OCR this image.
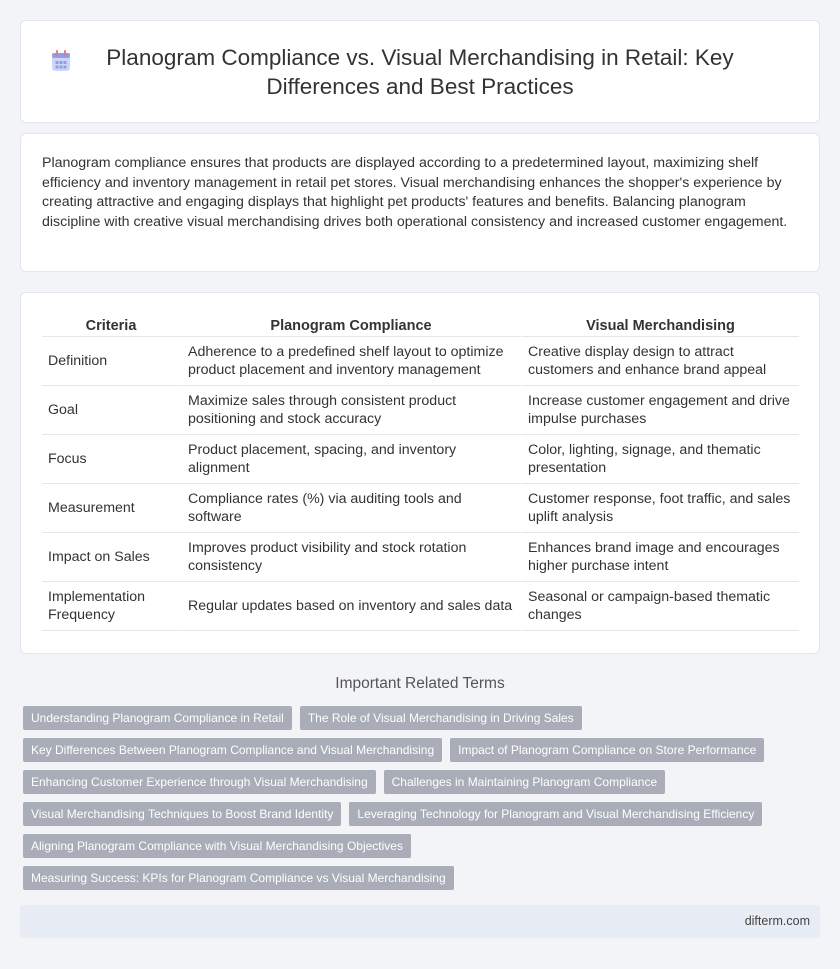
Planogram Compliance vs. Visual Merchandising in Retail: Key Differences and Best Practices

Planogram compliance ensures that products are displayed according to a predetermined layout, maximizing shelf efficiency and inventory management in retail pet stores. Visual merchandising enhances the shopper's experience by creating attractive and engaging displays that highlight pet products' features and benefits. Balancing planogram discipline with creative visual merchandising drives both operational consistency and increased customer engagement.

Criteria	Planogram Compliance	Visual Merchandising
Definition	Adherence to a predefined shelf layout to optimize product placement and inventory management	Creative display design to attract customers and enhance brand appeal
Goal	Maximize sales through consistent product positioning and stock accuracy	Increase customer engagement and drive impulse purchases
Focus	Product placement, spacing, and inventory alignment	Color, lighting, signage, and thematic presentation
Measurement	Compliance rates (%) via auditing tools and software	Customer response, foot traffic, and sales uplift analysis
Impact on Sales	Improves product visibility and stock rotation consistency	Enhances brand image and encourages higher purchase intent
Implementation Frequency	Regular updates based on inventory and sales data	Seasonal or campaign-based thematic changes
Important Related Terms
Understanding Planogram Compliance in Retail	The Role of Visual Merchandising in Driving Sales
Key Differences Between Planogram Compliance and Visual Merchandising	Impact of Planogram Compliance on Store Performance
Enhancing Customer Experience through Visual Merchandising	Challenges in Maintaining Planogram Compliance
Visual Merchandising Techniques to Boost Brand Identity	Leveraging Technology for Planogram and Visual Merchandising Efficiency
Aligning Planogram Compliance with Visual Merchandising Objectives
Measuring Success: KPIs for Planogram Compliance vs Visual Merchandising
difterm.com
